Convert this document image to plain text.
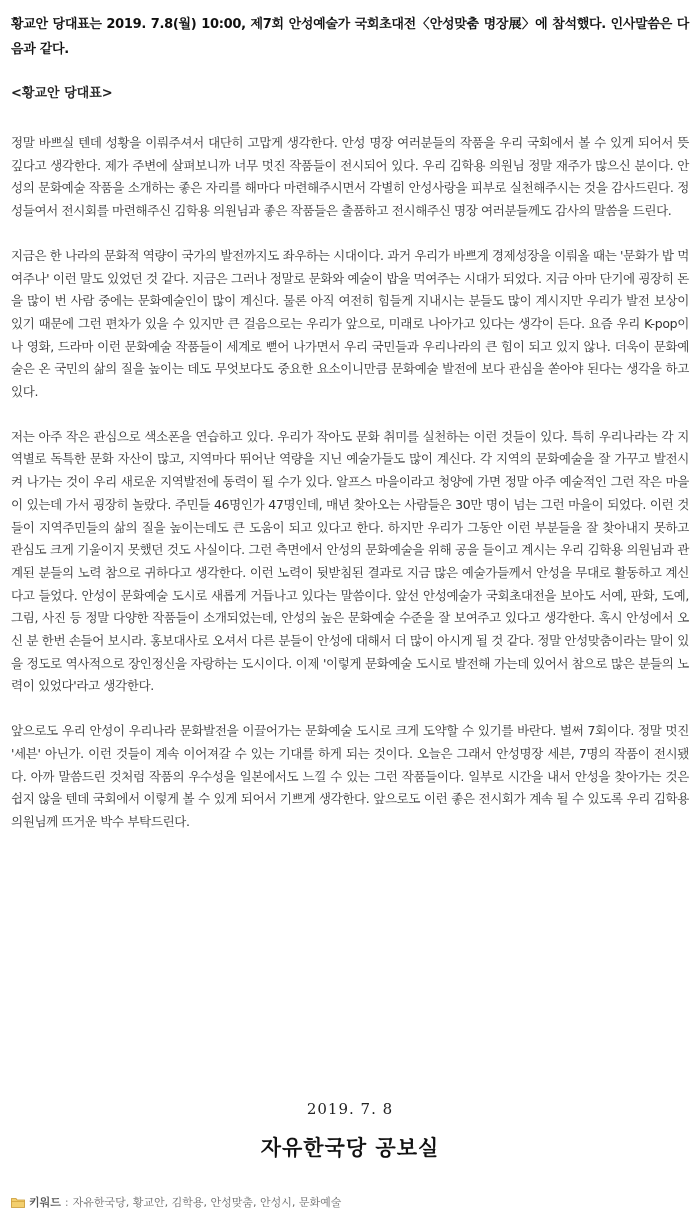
황교안 당대표는 2019. 7.8(월) 10:00, 제7회 안성예술가 국회초대전〈안성맞춤 명장展〉에 참석했다. 인사말씀은 다음과 같다.

<황교안 당대표>

정말 바쁘실 텐데 성황을 이뤄주셔서 대단히 고맙게 생각한다. 안성 명장 여러분들의 작품을 우리 국회에서 볼 수 있게 되어서 뜻 깊다고 생각한다. 제가 주변에 살펴보니까 너무 멋진 작품들이 전시되어 있다. 우리 김학용 의원님 정말 재주가 많으신 분이다. 안성의 문화예술 작품을 소개하는 좋은 자리를 해마다 마련해주시면서 각별히 안성사랑을 피부로 실천해주시는 것을 감사드린다. 정성들여서 전시회를 마련해주신 김학용 의원님과 좋은 작품들은 출품하고 전시해주신 명장 여러분들께도 감사의 말씀을 드린다.

지금은 한 나라의 문화적 역량이 국가의 발전까지도 좌우하는 시대이다. 과거 우리가 바쁘게 경제성장을 이뤄올 때는 '문화가 밥 먹여주나' 이런 말도 있었던 것 같다. 지금은 그러나 정말로 문화와 예술이 밥을 먹여주는 시대가 되었다. 지금 아마 단기에 굉장히 돈을 많이 번 사람 중에는 문화예술인이 많이 계신다. 물론 아직 여전히 힘들게 지내시는 분들도 많이 계시지만 우리가 발전 보상이 있기 때문에 그런 편차가 있을 수 있지만 큰 걸음으로는 우리가 앞으로, 미래로 나아가고 있다는 생각이 든다. 요즘 우리 K-pop이나 영화, 드라마 이런 문화예술 작품들이 세계로 뻗어 나가면서 우리 국민들과 우리나라의 큰 힘이 되고 있지 않나. 더욱이 문화예술은 온 국민의 삶의 질을 높이는 데도 무엇보다도 중요한 요소이니만큼 문화예술 발전에 보다 관심을 쏟아야 된다는 생각을 하고 있다.

저는 아주 작은 관심으로 색소폰을 연습하고 있다. 우리가 작아도 문화 취미를 실천하는 이런 것들이 있다. 특히 우리나라는 각 지역별로 독특한 문화 자산이 많고, 지역마다 뛰어난 역량을 지닌 예술가들도 많이 계신다. 각 지역의 문화예술을 잘 가꾸고 발전시켜 나가는 것이 우리 새로운 지역발전에 동력이 될 수가 있다. 알프스 마을이라고 청양에 가면 정말 아주 예술적인 그런 작은 마을이 있는데 가서 굉장히 놀랐다. 주민들 46명인가 47명인데, 매년 찾아오는 사람들은 30만 명이 넘는 그런 마을이 되었다. 이런 것들이 지역주민들의 삶의 질을 높이는데도 큰 도움이 되고 있다고 한다. 하지만 우리가 그동안 이런 부분들을 잘 찾아내지 못하고 관심도 크게 기울이지 못했던 것도 사실이다. 그런 측면에서 안성의 문화예술을 위해 공을 들이고 계시는 우리 김학용 의원님과 관계된 분들의 노력 참으로 귀하다고 생각한다. 이런 노력이 뒷받침된 결과로 지금 많은 예술가들께서 안성을 무대로 활동하고 계신다고 들었다. 안성이 문화예술 도시로 새롭게 거듭나고 있다는 말씀이다. 앞선 안성예술가 국회초대전을 보아도 서예, 판화, 도예, 그림, 사진 등 정말 다양한 작품들이 소개되었는데, 안성의 높은 문화예술 수준을 잘 보여주고 있다고 생각한다. 혹시 안성에서 오신 분 한번 손들어 보시라. 홍보대사로 오셔서 다른 분들이 안성에 대해서 더 많이 아시게 될 것 같다. 정말 안성맞춤이라는 말이 있을 정도로 역사적으로 장인정신을 자랑하는 도시이다. 이제 '이렇게 문화예술 도시로 발전해 가는데 있어서 참으로 많은 분들의 노력이 있었다'라고 생각한다.

앞으로도 우리 안성이 우리나라 문화발전을 이끌어가는 문화예술 도시로 크게 도약할 수 있기를 바란다. 벌써 7회이다. 정말 멋진 '세븐' 아닌가. 이런 것들이 계속 이어져갈 수 있는 기대를 하게 되는 것이다. 오늘은 그래서 안성명장 세븐, 7명의 작품이 전시됐다. 아까 말씀드린 것처럼 작품의 우수성을 일본에서도 느낄 수 있는 그런 작품들이다. 일부로 시간을 내서 안성을 찾아가는 것은 쉽지 않을 텐데 국회에서 이렇게 볼 수 있게 되어서 기쁘게 생각한다. 앞으로도 이런 좋은 전시회가 계속 될 수 있도록 우리 김학용 의원님께 뜨거운 박수 부탁드린다.

2019. 7. 8
자유한국당 공보실
키워드 : 자유한국당, 황교안, 김학용, 안성맞춤, 안성시, 문화예술
